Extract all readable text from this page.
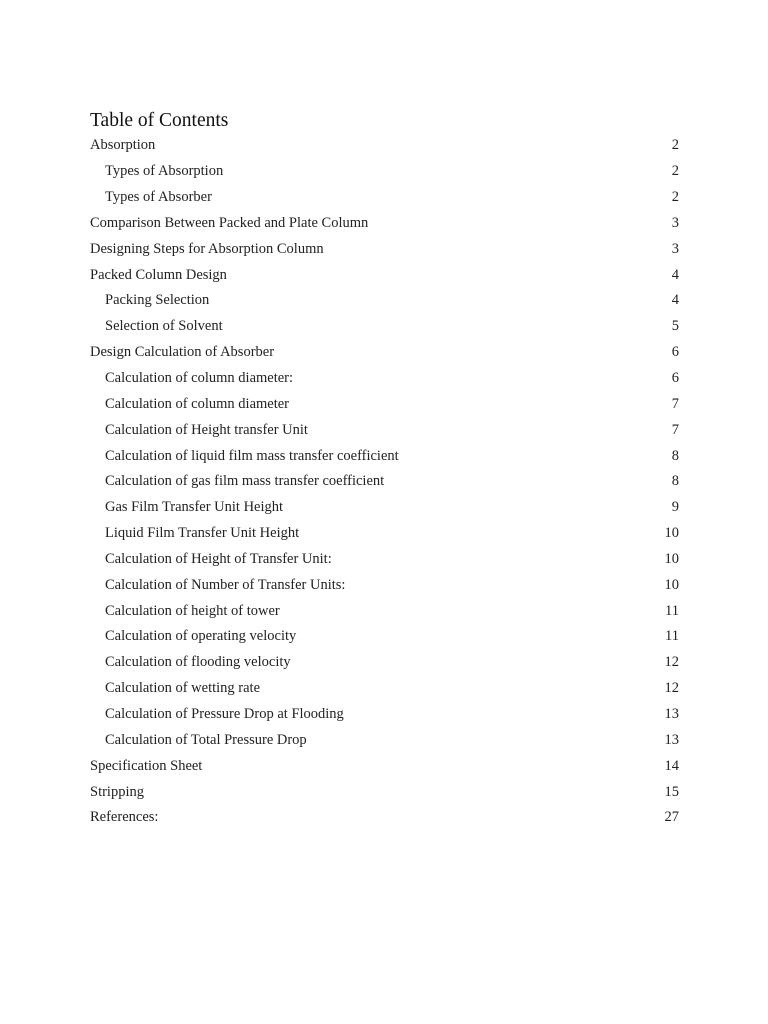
Table of Contents
Absorption	2
Types of Absorption	2
Types of Absorber	2
Comparison Between Packed and Plate Column	3
Designing Steps for Absorption Column	3
Packed Column Design	4
Packing Selection	4
Selection of Solvent	5
Design Calculation of Absorber	6
Calculation of column diameter:	6
Calculation of column diameter	7
Calculation of Height transfer Unit	7
Calculation of liquid film mass transfer coefficient	8
Calculation of gas film mass transfer coefficient	8
Gas Film Transfer Unit Height	9
Liquid Film Transfer Unit Height	10
Calculation of Height of Transfer Unit:	10
Calculation of Number of Transfer Units:	10
Calculation of height of tower	11
Calculation of operating velocity	11
Calculation of flooding velocity	12
Calculation of wetting rate	12
Calculation of Pressure Drop at Flooding	13
Calculation of Total Pressure Drop	13
Specification Sheet	14
Stripping	15
References:	27
